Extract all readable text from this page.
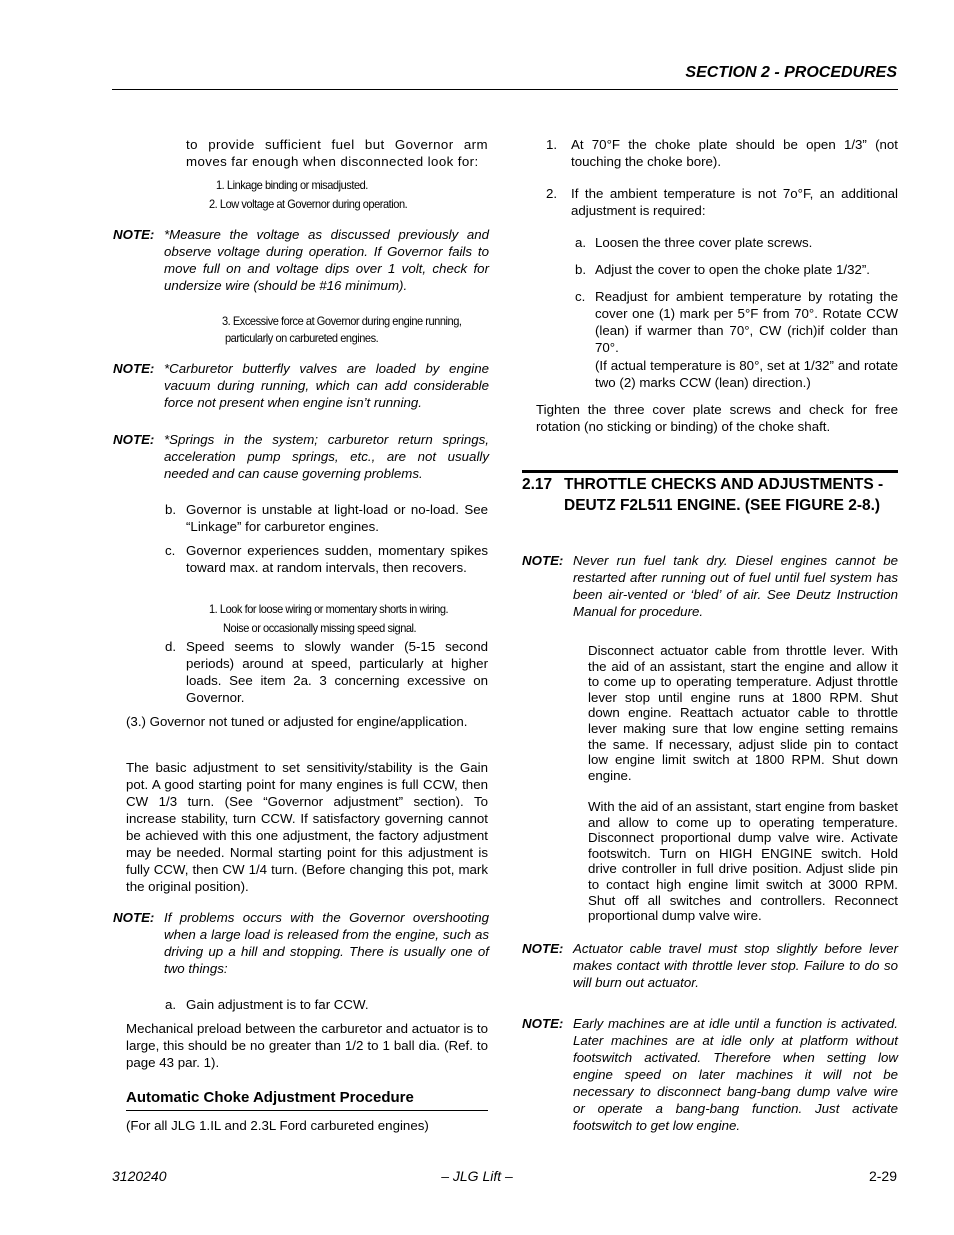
SECTION 2 - PROCEDURES
to provide sufficient fuel but Governor arm moves far enough when disconnected look for:
1. Linkage binding or misadjusted.
2. Low voltage at Governor during operation.
NOTE: *Measure the voltage as discussed previously and observe voltage during operation. If Governor fails to move full on and voltage dips over 1 volt, check for undersize wire (should be #16 minimum).
3. Excessive force at Governor during engine running,
particularly on carbureted engines.
NOTE: *Carburetor butterfly valves are loaded by engine vacuum during running, which can add considerable force not present when engine isn’t running.
NOTE: *Springs in the system; carburetor return springs, acceleration pump springs, etc., are not usually needed and can cause governing problems.
b. Governor is unstable at light-load or no-load. See “Linkage” for carburetor engines.
c. Governor experiences sudden, momentary spikes toward max. at random intervals, then recovers.
1. Look for loose wiring or momentary shorts in wiring.
Noise or occasionally missing speed signal.
d. Speed seems to slowly wander (5-15 second periods) around at speed, particularly at higher loads. See item 2a. 3 concerning excessive on Governor.
(3.) Governor not tuned or adjusted for engine/application.
The basic adjustment to set sensitivity/stability is the Gain pot. A good starting point for many engines is full CCW, then CW 1/3 turn. (See “Governor adjustment” section). To increase stability, turn CCW. If satisfactory governing cannot be achieved with this one adjustment, the factory adjustment may be needed. Normal starting point for this adjustment is fully CCW, then CW 1/4 turn. (Before changing this pot, mark the original position).
NOTE: If problems occurs with the Governor overshooting when a large load is released from the engine, such as driving up a hill and stopping. There is usually one of two things:
a. Gain adjustment is to far CCW.
Mechanical preload between the carburetor and actuator is to large, this should be no greater than 1/2 to 1 ball dia. (Ref. to page 43 par. 1).
Automatic Choke Adjustment Procedure
(For all JLG 1.IL and 2.3L Ford carbureted engines)
1. At 70°F the choke plate should be open 1/3” (not touching the choke bore).
2. If the ambient temperature is not 7o°F, an additional adjustment is required:
a. Loosen the three cover plate screws.
b. Adjust the cover to open the choke plate 1/32”.
c. Readjust for ambient temperature by rotating the cover one (1) mark per 5°F from 70°. Rotate CCW (lean) if warmer than 70°, CW (rich)if colder than 70°.
(If actual temperature is 80°, set at 1/32” and rotate two (2) marks CCW (lean) direction.)
Tighten the three cover plate screws and check for free rotation (no sticking or binding) of the choke shaft.
2.17 THROTTLE CHECKS AND ADJUSTMENTS - DEUTZ F2L511 ENGINE. (SEE FIGURE 2-8.)
NOTE: Never run fuel tank dry. Diesel engines cannot be restarted after running out of fuel until fuel system has been air-vented or ‘bled’ of air. See Deutz Instruction Manual for procedure.
Disconnect actuator cable from throttle lever. With the aid of an assistant, start the engine and allow it to come up to operating temperature. Adjust throttle lever stop until engine runs at 1800 RPM. Shut down engine. Reattach actuator cable to throttle lever making sure that low engine setting remains the same. If necessary, adjust slide pin to contact low engine limit switch at 1800 RPM. Shut down engine.
With the aid of an assistant, start engine from basket and allow to come up to operating temperature. Disconnect proportional dump valve wire. Activate footswitch. Turn on HIGH ENGINE switch. Hold drive controller in full drive position. Adjust slide pin to contact high engine limit switch at 3000 RPM. Shut off all switches and controllers. Reconnect proportional dump valve wire.
NOTE: Actuator cable travel must stop slightly before lever makes contact with throttle lever stop. Failure to do so will burn out actuator.
NOTE: Early machines are at idle until a function is activated. Later machines are at idle only at platform without footswitch activated. Therefore when setting low engine speed on later machines it will not be necessary to disconnect bang-bang dump valve wire or operate a bang-bang function. Just activate footswitch to get low engine.
3120240	– JLG Lift –	2-29
